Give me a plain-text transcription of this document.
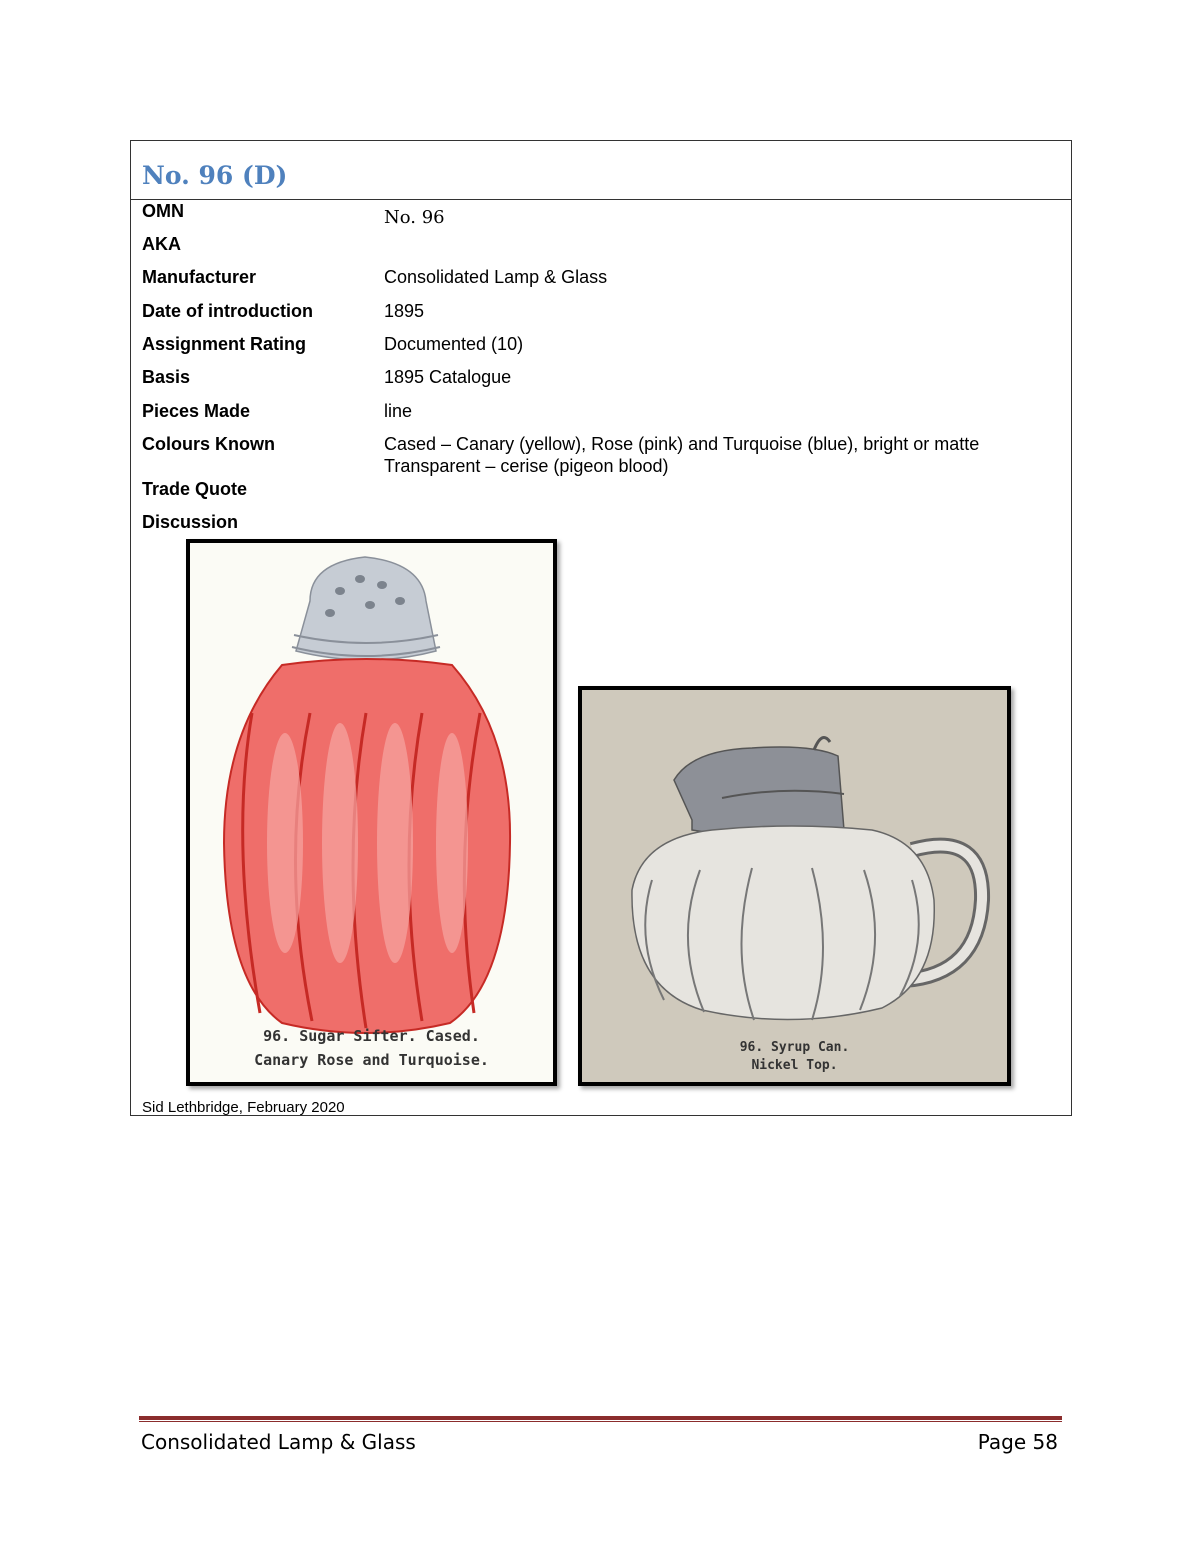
No. 96 (D)
OMN	No. 96
AKA
Manufacturer	Consolidated Lamp & Glass
Date of introduction	1895
Assignment Rating	Documented (10)
Basis	1895 Catalogue
Pieces Made	line
Colours Known	Cased – Canary (yellow), Rose (pink) and Turquoise (blue), bright or matte
Transparent – cerise (pigeon blood)
Trade Quote
Discussion
96. Sugar Sifter. Cased.
Canary Rose and Turquoise.
96. Syrup Can.
Nickel Top.
Sid Lethbridge, February 2020
Consolidated Lamp & Glass	Page 58
